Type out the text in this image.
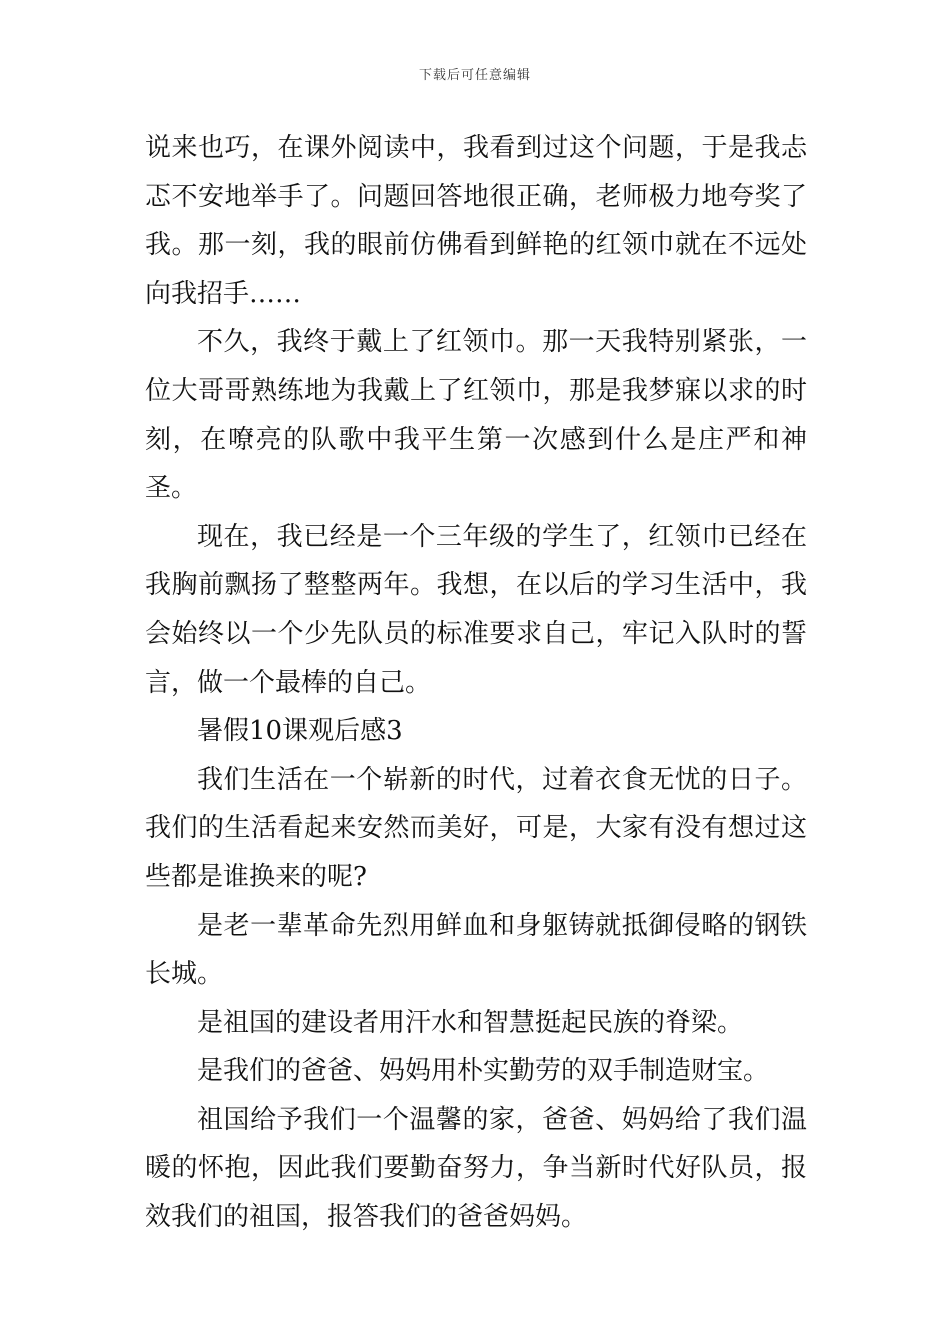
下载后可任意编辑

说来也巧，在课外阅读中，我看到过这个问题，于是我忐忑不安地举手了。问题回答地很正确，老师极力地夸奖了我。那一刻，我的眼前仿佛看到鲜艳的红领巾就在不远处向我招手……

不久，我终于戴上了红领巾。那一天我特别紧张，一位大哥哥熟练地为我戴上了红领巾，那是我梦寐以求的时刻，在嘹亮的队歌中我平生第一次感到什么是庄严和神圣。

现在，我已经是一个三年级的学生了，红领巾已经在我胸前飘扬了整整两年。我想，在以后的学习生活中，我会始终以一个少先队员的标准要求自己，牢记入队时的誓言，做一个最棒的自己。

暑假10课观后感3

我们生活在一个崭新的时代，过着衣食无忧的日子。我们的生活看起来安然而美好，可是，大家有没有想过这些都是谁换来的呢?

是老一辈革命先烈用鲜血和身躯铸就抵御侵略的钢铁长城。

是祖国的建设者用汗水和智慧挺起民族的脊梁。

是我们的爸爸、妈妈用朴实勤劳的双手制造财宝。

祖国给予我们一个温馨的家，爸爸、妈妈给了我们温暖的怀抱，因此我们要勤奋努力，争当新时代好队员，报效我们的祖国，报答我们的爸爸妈妈。
